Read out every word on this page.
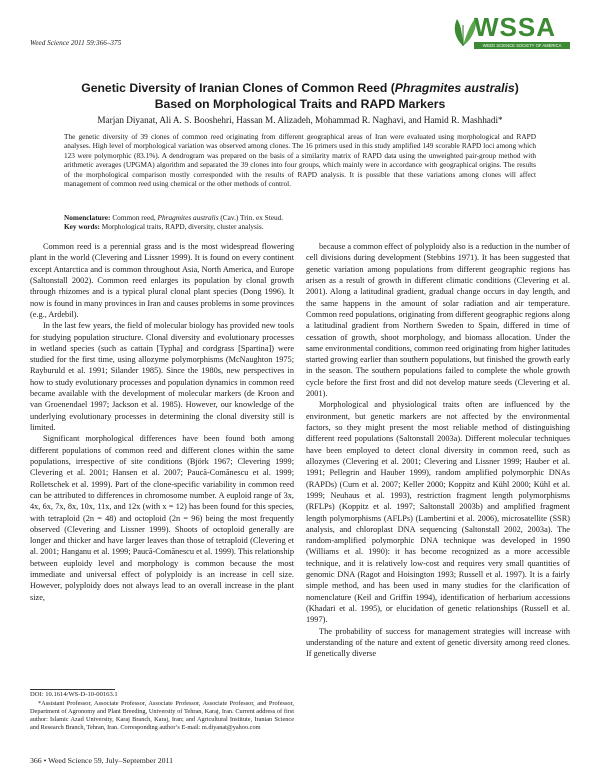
Weed Science 2011 59:366–375
WSSA
WEED SCIENCE SOCIETY OF AMERICA
Genetic Diversity of Iranian Clones of Common Reed (Phragmites australis)
Based on Morphological Traits and RAPD Markers
Marjan Diyanat, Ali A. S. Booshehri, Hassan M. Alizadeh, Mohammad R. Naghavi, and Hamid R. Mashhadi*
The genetic diversity of 39 clones of common reed originating from different geographical areas of Iran were evaluated using morphological and RAPD analyses. High level of morphological variation was observed among clones. The 16 primers used in this study amplified 149 scorable RAPD loci among which 123 were polymorphic (83.1%). A dendrogram was prepared on the basis of a similarity matrix of RAPD data using the unweighted pair-group method with arithmetic averages (UPGMA) algorithm and separated the 39 clones into four groups, which mainly were in accordance with geographical origins. The results of the morphological comparison mostly corresponded with the results of RAPD analysis. It is possible that these variations among clones will affect management of common reed using chemical or the other methods of control.
Nomenclature: Common reed, Phragmites australis (Cav.) Trin. ex Steud.
Key words: Morphological traits, RAPD, diversity, cluster analysis.

Common reed is a perennial grass and is the most widespread flowering plant in the world (Clevering and Lissner 1999). It is found on every continent except Antarctica and is common throughout Asia, North America, and Europe (Saltonstall 2002). Common reed enlarges its population by clonal growth through rhizomes and is a typical plural clonal plant species (Dong 1996). It now is found in many provinces in Iran and causes problems in some provinces (e.g., Ardebil).

In the last few years, the field of molecular biology has provided new tools for studying population structure. Clonal diversity and evolutionary processes in wetland species (such as cattain [Typha] and cordgrass [Spartina]) were studied for the first time, using allozyme polymorphisms (McNaughton 1975; Rayburuld et al. 1991; Silander 1985). Since the 1980s, new perspectives in how to study evolutionary processes and population dynamics in common reed became available with the development of molecular markers (de Kroon and van Groenendael 1997; Jackson et al. 1985). However, our knowledge of the underlying evolutionary processes in determining the clonal diversity still is limited.

Significant morphological differences have been found both among different populations of common reed and different clones within the same populations, irrespective of site conditions (Björk 1967; Clevering 1999; Clevering et al. 2001; Hansen et al. 2007; Paucă-Comănescu et al. 1999; Rolletschek et al. 1999). Part of the clone-specific variability in common reed can be attributed to differences in chromosome number. A euploid range of 3x, 4x, 6x, 7x, 8x, 10x, 11x, and 12x (with x = 12) has been found for this species, with tetraploid (2n = 48) and octoploid (2n = 96) being the most frequently observed (Clevering and Lissner 1999). Shoots of octoploid generally are longer and thicker and have larger leaves than those of tetraploid (Clevering et al. 2001; Hanganu et al. 1999; Paucă-Comănescu et al. 1999). This relationship between euploidy level and morphology is common because the most immediate and universal effect of polyploidy is an increase in cell size. However, polyploidy does not always lead to an overall increase in the plant size,

because a common effect of polyploidy also is a reduction in the number of cell divisions during development (Stebbins 1971). It has been suggested that genetic variation among populations from different geographic regions has arisen as a result of growth in different climatic conditions (Clevering et al. 2001). Along a latitudinal gradient, gradual change occurs in day length, and the same happens in the amount of solar radiation and air temperature. Common reed populations, originating from different geographic regions along a latitudinal gradient from Northern Sweden to Spain, differed in time of cessation of growth, shoot morphology, and biomass allocation. Under the same environmental conditions, common reed originating from higher latitudes started growing earlier than southern populations, but finished the growth early in the season. The southern populations failed to complete the whole growth cycle before the first frost and did not develop mature seeds (Clevering et al. 2001).

Morphological and physiological traits often are influenced by the environment, but genetic markers are not affected by the environmental factors, so they might present the most reliable method of distinguishing different reed populations (Saltonstall 2003a). Different molecular techniques have been employed to detect clonal diversity in common reed, such as allozymes (Clevering et al. 2001; Clevering and Lissner 1999; Hauber et al. 1991; Pellegrin and Hauber 1999), random amplified polymorphic DNAs (RAPDs) (Curn et al. 2007; Keller 2000; Koppitz and Kühl 2000; Kühl et al. 1999; Neuhaus et al. 1993), restriction fragment length polymorphisms (RFLPs) (Koppitz et al. 1997; Saltonstall 2003b) and amplified fragment length polymorphisms (AFLPs) (Lambertini et al. 2006), microsatellite (SSR) analysis, and chloroplast DNA sequencing (Saltonstall 2002, 2003a). The random-amplified polymorphic DNA technique was developed in 1990 (Williams et al. 1990): it has become recognized as a more accessible technique, and it is relatively low-cost and requires very small quantities of genomic DNA (Ragot and Hoisington 1993; Russell et al. 1997). It is a fairly simple method, and has been used in many studies for the clarification of nomenclature (Keil and Griffin 1994), identification of herbarium accessions (Khadari et al. 1995), or elucidation of genetic relationships (Russell et al. 1997).

The probability of success for management strategies will increase with understanding of the nature and extent of genetic diversity among reed clones. If genetically diverse

DOI: 10.1614/WS-D-10-00163.1
*Assistant Professor, Associate Professor, Associate Professor, Associate Professor, and Professor, Department of Agronomy and Plant Breeding, University of Tehran, Karaj, Iran. Current address of first author: Islamic Azad University, Karaj Branch, Karaj, Iran; and Agricultural Institute, Iranian Science and Research Branch, Tehran, Iran. Corresponding author’s E-mail: m.diyanat@yahoo.com
366 • Weed Science 59, July–September 2011
